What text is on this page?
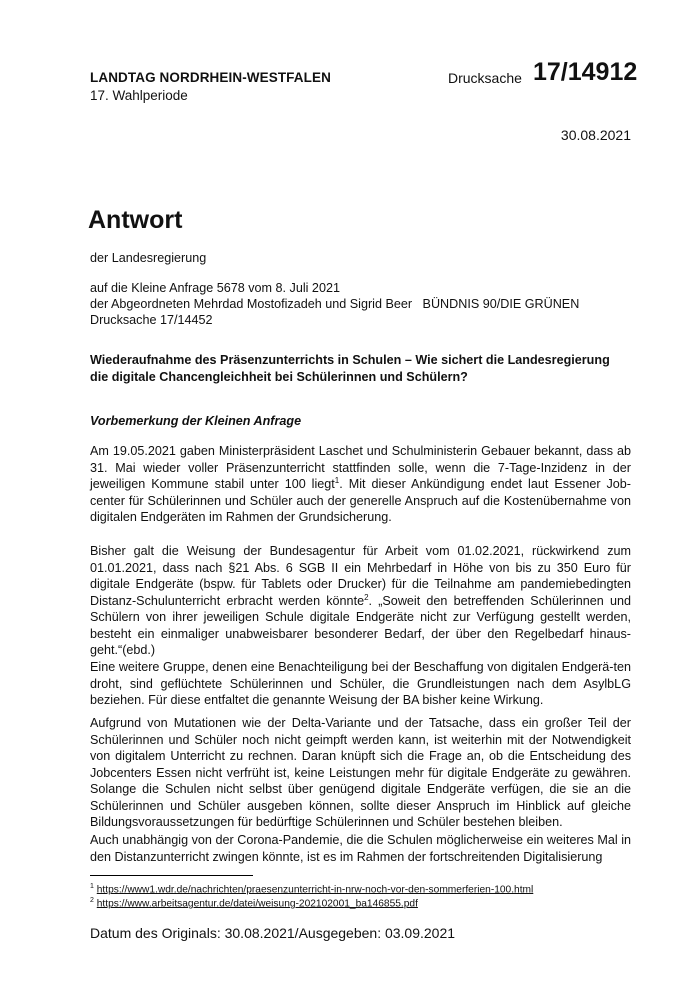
LANDTAG NORDRHEIN-WESTFALEN
17. Wahlperiode
Drucksache 17/14912
30.08.2021
Antwort
der Landesregierung
auf die Kleine Anfrage 5678 vom 8. Juli 2021
der Abgeordneten Mehrdad Mostofizadeh und Sigrid Beer   BÜNDNIS 90/DIE GRÜNEN
Drucksache 17/14452
Wiederaufnahme des Präsenzunterrichts in Schulen – Wie sichert die Landesregierung die digitale Chancengleichheit bei Schülerinnen und Schülern?
Vorbemerkung der Kleinen Anfrage
Am 19.05.2021 gaben Ministerpräsident Laschet und Schulministerin Gebauer bekannt, dass ab 31. Mai wieder voller Präsenzunterricht stattfinden solle, wenn die 7-Tage-Inzidenz in der jeweiligen Kommune stabil unter 100 liegt$^1$. Mit dieser Ankündigung endet laut Essener Job-center für Schülerinnen und Schüler auch der generelle Anspruch auf die Kostenübernahme von digitalen Endgeräten im Rahmen der Grundsicherung.
Bisher galt die Weisung der Bundesagentur für Arbeit vom 01.02.2021, rückwirkend zum 01.01.2021, dass nach §21 Abs. 6 SGB II ein Mehrbedarf in Höhe von bis zu 350 Euro für digitale Endgeräte (bspw. für Tablets oder Drucker) für die Teilnahme am pandemiebedingten Distanz-Schulunterricht erbracht werden könnte$^2$. „Soweit den betreffenden Schülerinnen und Schülern von ihrer jeweiligen Schule digitale Endgeräte nicht zur Verfügung gestellt werden, besteht ein einmaliger unabweisbarer besonderer Bedarf, der über den Regelbedarf hinaus-geht.“(ebd.)
Eine weitere Gruppe, denen eine Benachteiligung bei der Beschaffung von digitalen Endgerä-ten droht, sind geflüchtete Schülerinnen und Schüler, die Grundleistungen nach dem AsylbLG beziehen. Für diese entfaltet die genannte Weisung der BA bisher keine Wirkung.
Aufgrund von Mutationen wie der Delta-Variante und der Tatsache, dass ein großer Teil der Schülerinnen und Schüler noch nicht geimpft werden kann, ist weiterhin mit der Notwendigkeit von digitalem Unterricht zu rechnen. Daran knüpft sich die Frage an, ob die Entscheidung des Jobcenters Essen nicht verfrüht ist, keine Leistungen mehr für digitale Endgeräte zu gewähren. Solange die Schulen nicht selbst über genügend digitale Endgeräte verfügen, die sie an die Schülerinnen und Schüler ausgeben können, sollte dieser Anspruch im Hinblick auf gleiche Bildungsvoraussetzungen für bedürftige Schülerinnen und Schüler bestehen bleiben.
Auch unabhängig von der Corona-Pandemie, die die Schulen möglicherweise ein weiteres Mal in den Distanzunterricht zwingen könnte, ist es im Rahmen der fortschreitenden Digitalisierung
$^1$ https://www1.wdr.de/nachrichten/praesenzunterricht-in-nrw-noch-vor-den-sommerferien-100.html
$^2$ https://www.arbeitsagentur.de/datei/weisung-202102001_ba146855.pdf
Datum des Originals: 30.08.2021/Ausgegeben: 03.09.2021
